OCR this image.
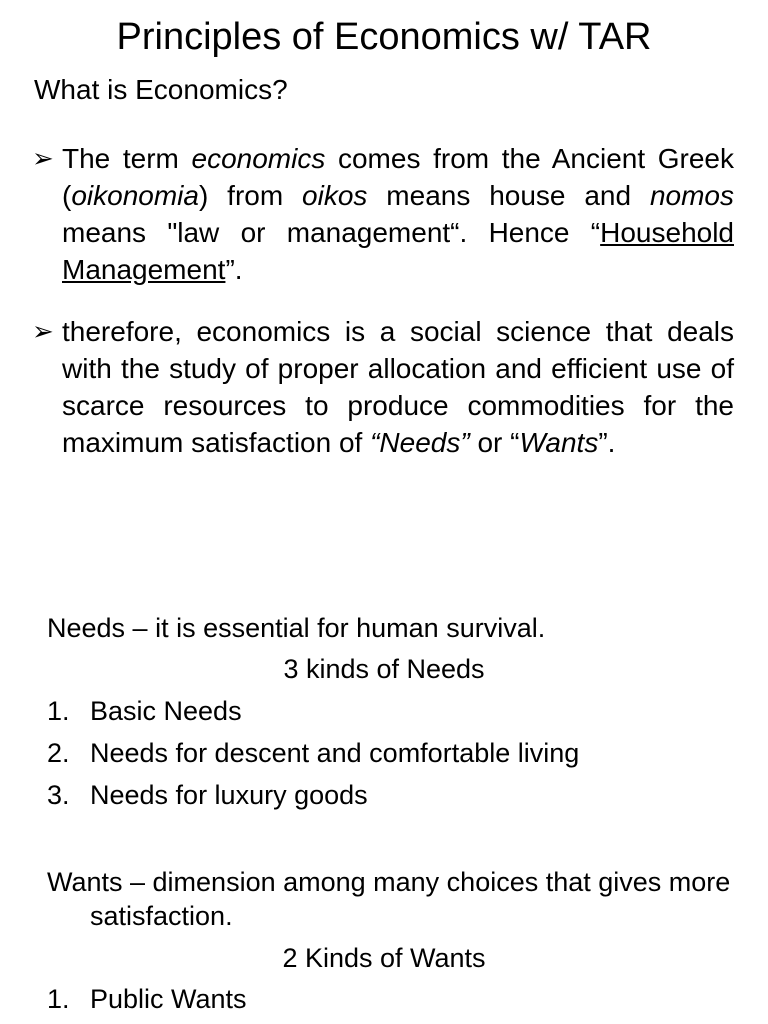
Principles of Economics w/ TAR
What is Economics?
➢ The term economics comes from the Ancient Greek (oikonomia) from oikos means house and nomos means "law or management“. Hence “Household Management”.
➢ therefore, economics is a social science that deals with the study of proper allocation and efficient use of scarce resources to produce commodities for the maximum satisfaction of “Needs” or “Wants”.
Needs – it is essential for human survival.
3 kinds of Needs
1. Basic Needs
2. Needs for descent and comfortable living
3. Needs for luxury goods
Wants – dimension among many choices that gives more satisfaction.
2 Kinds of Wants
1. Public Wants
